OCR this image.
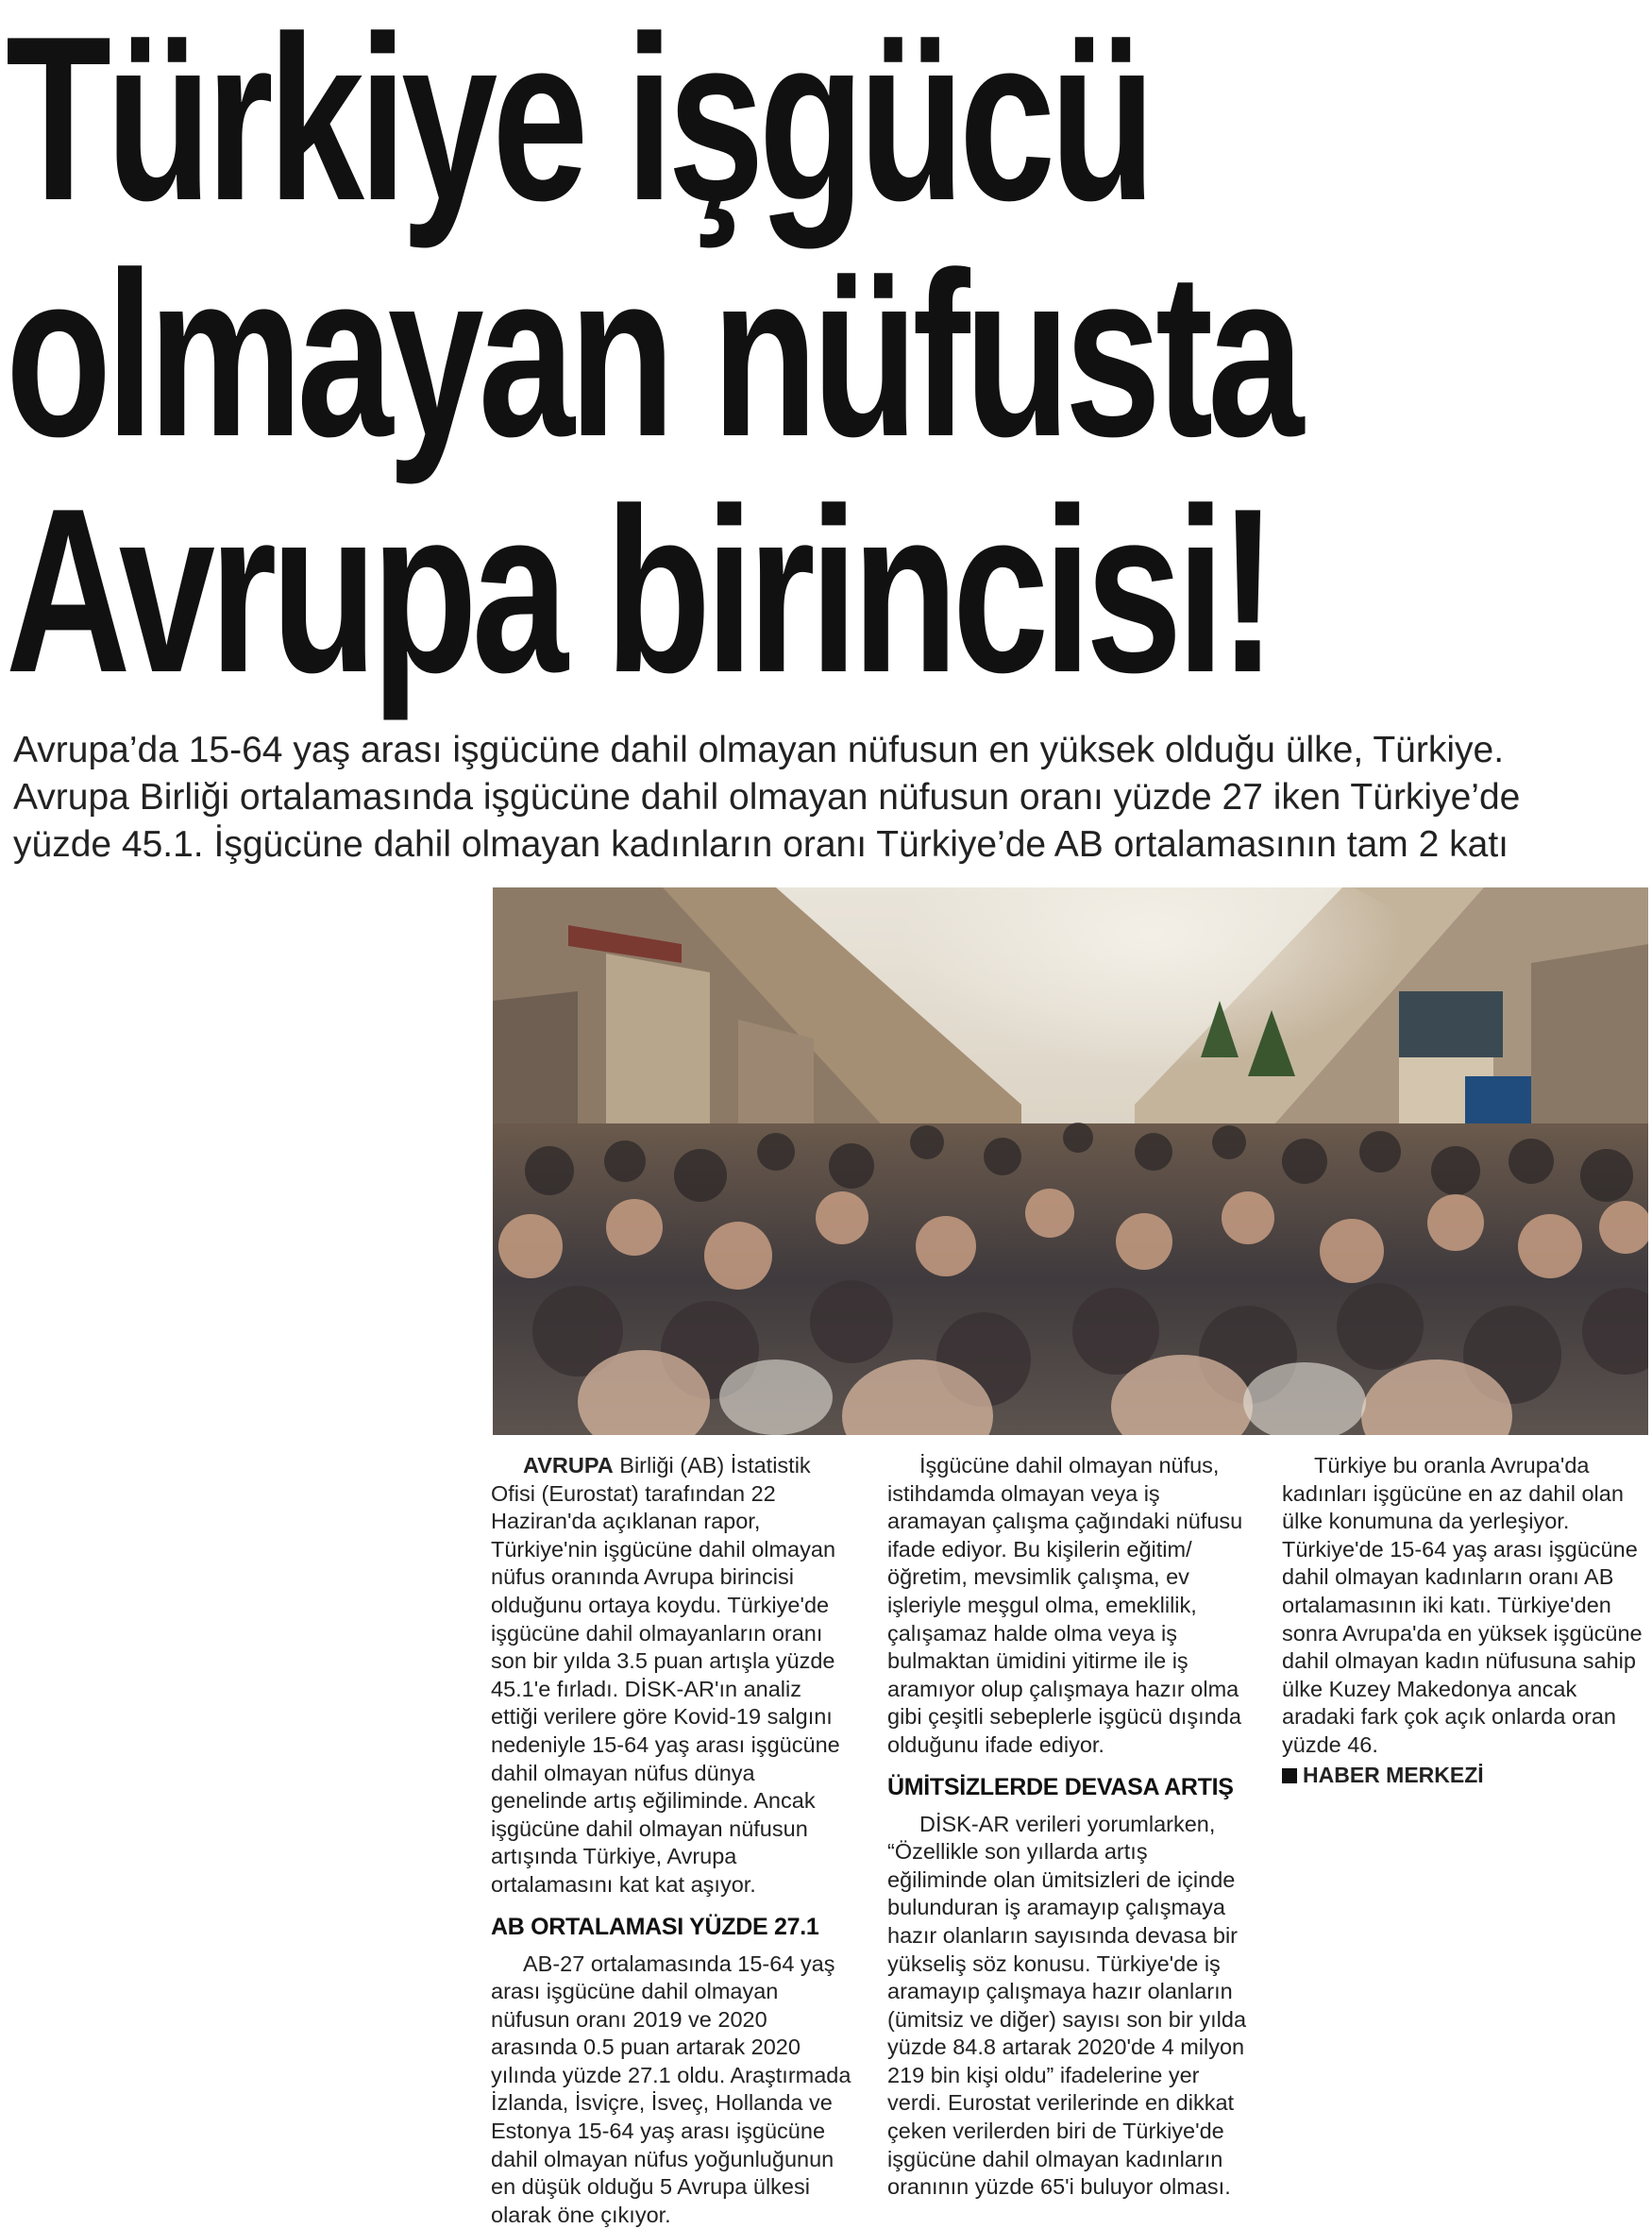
Türkiye işgücü
olmayan nüfusta
Avrupa birincisi!
Avrupa’da 15-64 yaş arası işgücüne dahil olmayan nüfusun en yüksek olduğu ülke, Türkiye.
Avrupa Birliği ortalamasında işgücüne dahil olmayan nüfusun oranı yüzde 27 iken Türkiye’de
yüzde 45.1. İşgücüne dahil olmayan kadınların oranı Türkiye’de AB ortalamasının tam 2 katı

AVRUPA Birliği (AB) İstatistik Ofisi (Eurostat) tarafından 22 Haziran'da açıklanan rapor, Türkiye'nin işgücüne dahil olmayan nüfus oranında Avrupa birincisi olduğunu ortaya koydu. Türkiye'de işgücüne dahil olmayanların oranı son bir yılda 3.5 puan artışla yüzde 45.1'e fırladı. DİSK-AR'ın analiz ettiği verilere göre Kovid-19 salgını nedeniyle 15-64 yaş arası işgücüne dahil olmayan nüfus dünya genelinde artış eğiliminde. Ancak işgücüne dahil olmayan nüfusun artışında Türkiye, Avrupa ortalamasını kat kat aşıyor.

AB ORTALAMASI YÜZDE 27.1

AB-27 ortalamasında 15-64 yaş arası işgücüne dahil olmayan nüfusun oranı 2019 ve 2020 arasında 0.5 puan artarak 2020 yılında yüzde 27.1 oldu. Araştırmada İzlanda, İsviçre, İsveç, Hollanda ve Estonya 15-64 yaş arası işgücüne dahil olmayan nüfus yoğunluğunun en düşük olduğu 5 Avrupa ülkesi olarak öne çıkıyor.

İşgücüne dahil olmayan nüfus, istihdamda olmayan veya iş aramayan çalışma çağındaki nüfusu ifade ediyor. Bu kişilerin eğitim/öğretim, mevsimlik çalışma, ev işleriyle meşgul olma, emeklilik, çalışamaz halde olma veya iş bulmaktan ümidini yitirme ile iş aramıyor olup çalışmaya hazır olma gibi çeşitli sebeplerle işgücü dışında olduğunu ifade ediyor.

ÜMİTSİZLERDE DEVASA ARTIŞ

DİSK-AR verileri yorumlarken, “Özellikle son yıllarda artış eğiliminde olan ümitsizleri de içinde bulunduran iş aramayıp çalışmaya hazır olanların sayısında devasa bir yükseliş söz konusu. Türkiye'de iş aramayıp çalışmaya hazır olanların (ümitsiz ve diğer) sayısı son bir yılda yüzde 84.8 artarak 2020'de 4 milyon 219 bin kişi oldu” ifadelerine yer verdi. Eurostat verilerinde en dikkat çeken verilerden biri de Türkiye'de işgücüne dahil olmayan kadınların oranının yüzde 65'i buluyor olması.

Türkiye bu oranla Avrupa'da kadınları işgücüne en az dahil olan ülke konumuna da yerleşiyor. Türkiye'de 15-64 yaş arası işgücüne dahil olmayan kadınların oranı AB ortalamasının iki katı. Türkiye'den sonra Avrupa'da en yüksek işgücüne dahil olmayan kadın nüfusuna sahip ülke Kuzey Makedonya ancak aradaki fark çok açık onlarda oran yüzde 46.

HABER MERKEZİ
